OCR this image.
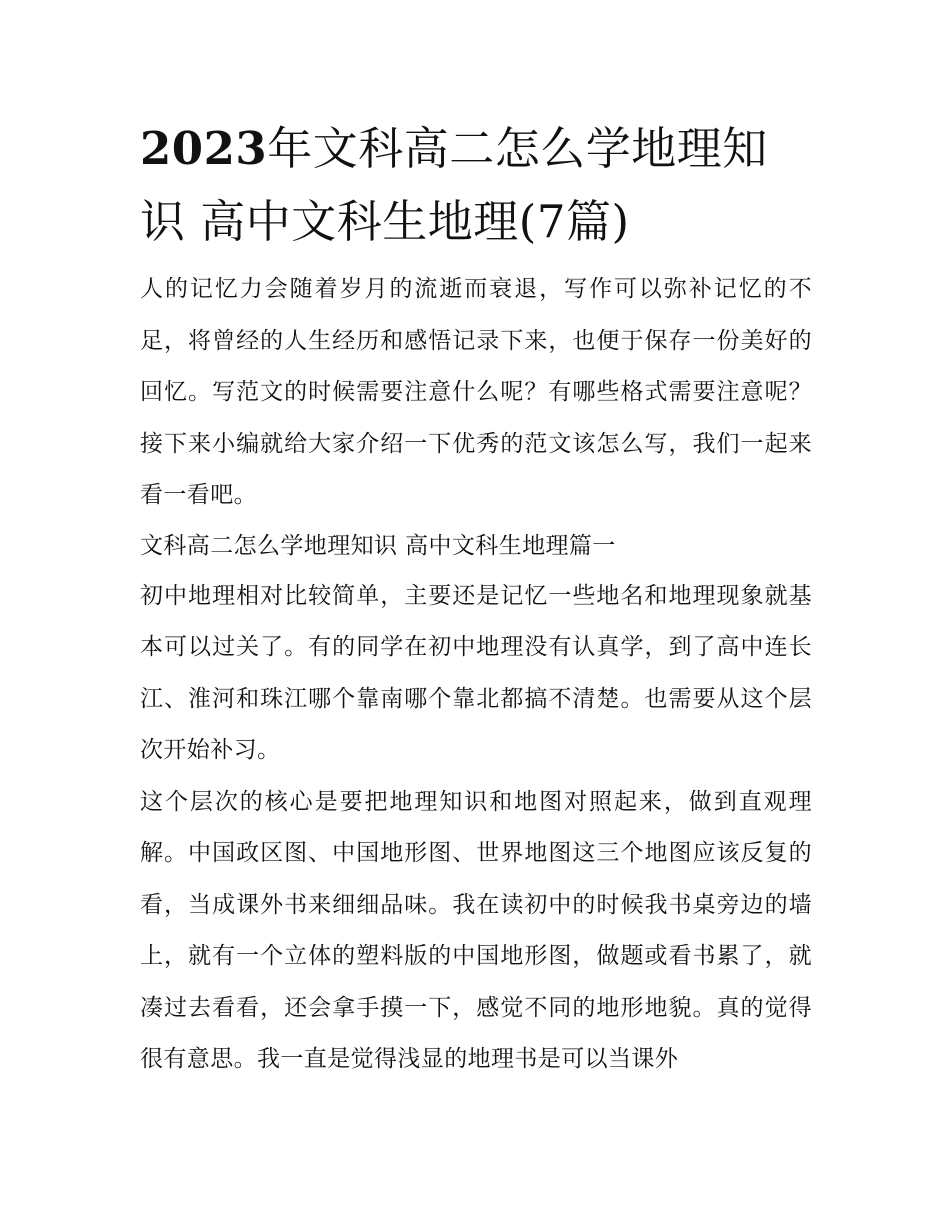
2023年文科高二怎么学地理知识 高中文科生地理(7篇)

人的记忆力会随着岁月的流逝而衰退，写作可以弥补记忆的不足，将曾经的人生经历和感悟记录下来，也便于保存一份美好的回忆。写范文的时候需要注意什么呢？有哪些格式需要注意呢？接下来小编就给大家介绍一下优秀的范文该怎么写，我们一起来看一看吧。

文科高二怎么学地理知识 高中文科生地理篇一

初中地理相对比较简单，主要还是记忆一些地名和地理现象就基本可以过关了。有的同学在初中地理没有认真学，到了高中连长江、淮河和珠江哪个靠南哪个靠北都搞不清楚。也需要从这个层次开始补习。

这个层次的核心是要把地理知识和地图对照起来，做到直观理解。中国政区图、中国地形图、世界地图这三个地图应该反复的看，当成课外书来细细品味。我在读初中的时候我书桌旁边的墙上，就有一个立体的塑料版的中国地形图，做题或看书累了，就凑过去看看，还会拿手摸一下，感觉不同的地形地貌。真的觉得很有意思。我一直是觉得浅显的地理书是可以当课外
